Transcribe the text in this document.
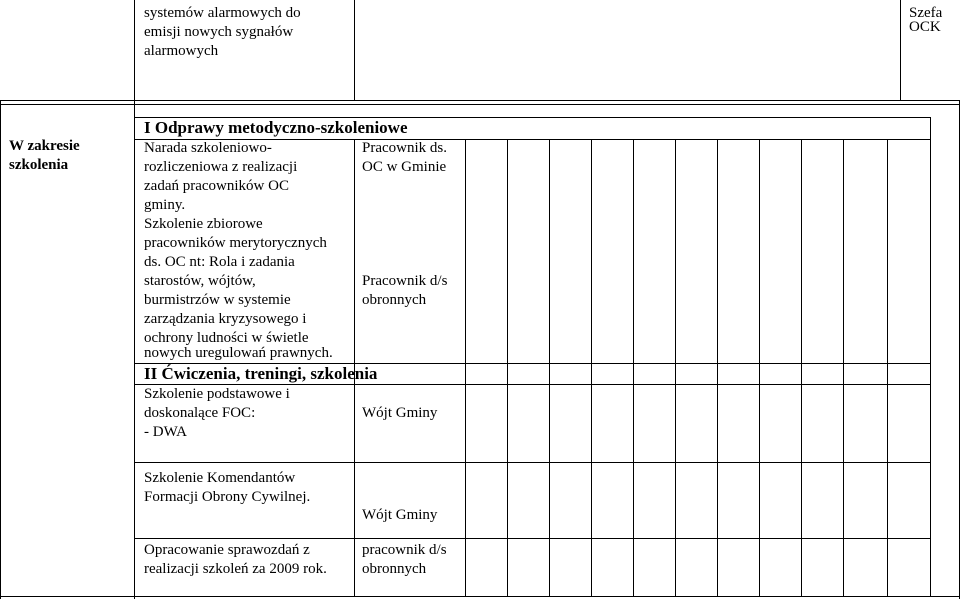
systemów alarmowych do
emisji nowych sygnałów
alarmowych
Szefa
OCK
W zakresie
szkolenia
I Odprawy metodyczno-szkoleniowe
Narada szkoleniowo-
rozliczeniowa z realizacji
zadań pracowników OC
gminy.
Pracownik ds.
OC w Gminie
Szkolenie zbiorowe
pracowników merytorycznych
ds. OC nt: Rola i zadania
starostów, wójtów,
burmistrzów w systemie
zarządzania kryzysowego i
ochrony ludności w świetle
nowych uregulowań prawnych.
Pracownik d/s
obronnych
II Ćwiczenia, treningi, szkolenia
Szkolenie podstawowe i
doskonalące FOC:
- DWA
Wójt Gminy
Szkolenie Komendantów
Formacji Obrony Cywilnej.
Wójt Gminy
Opracowanie sprawozdań z
realizacji szkoleń za 2009 rok.
pracownik d/s
obronnych
